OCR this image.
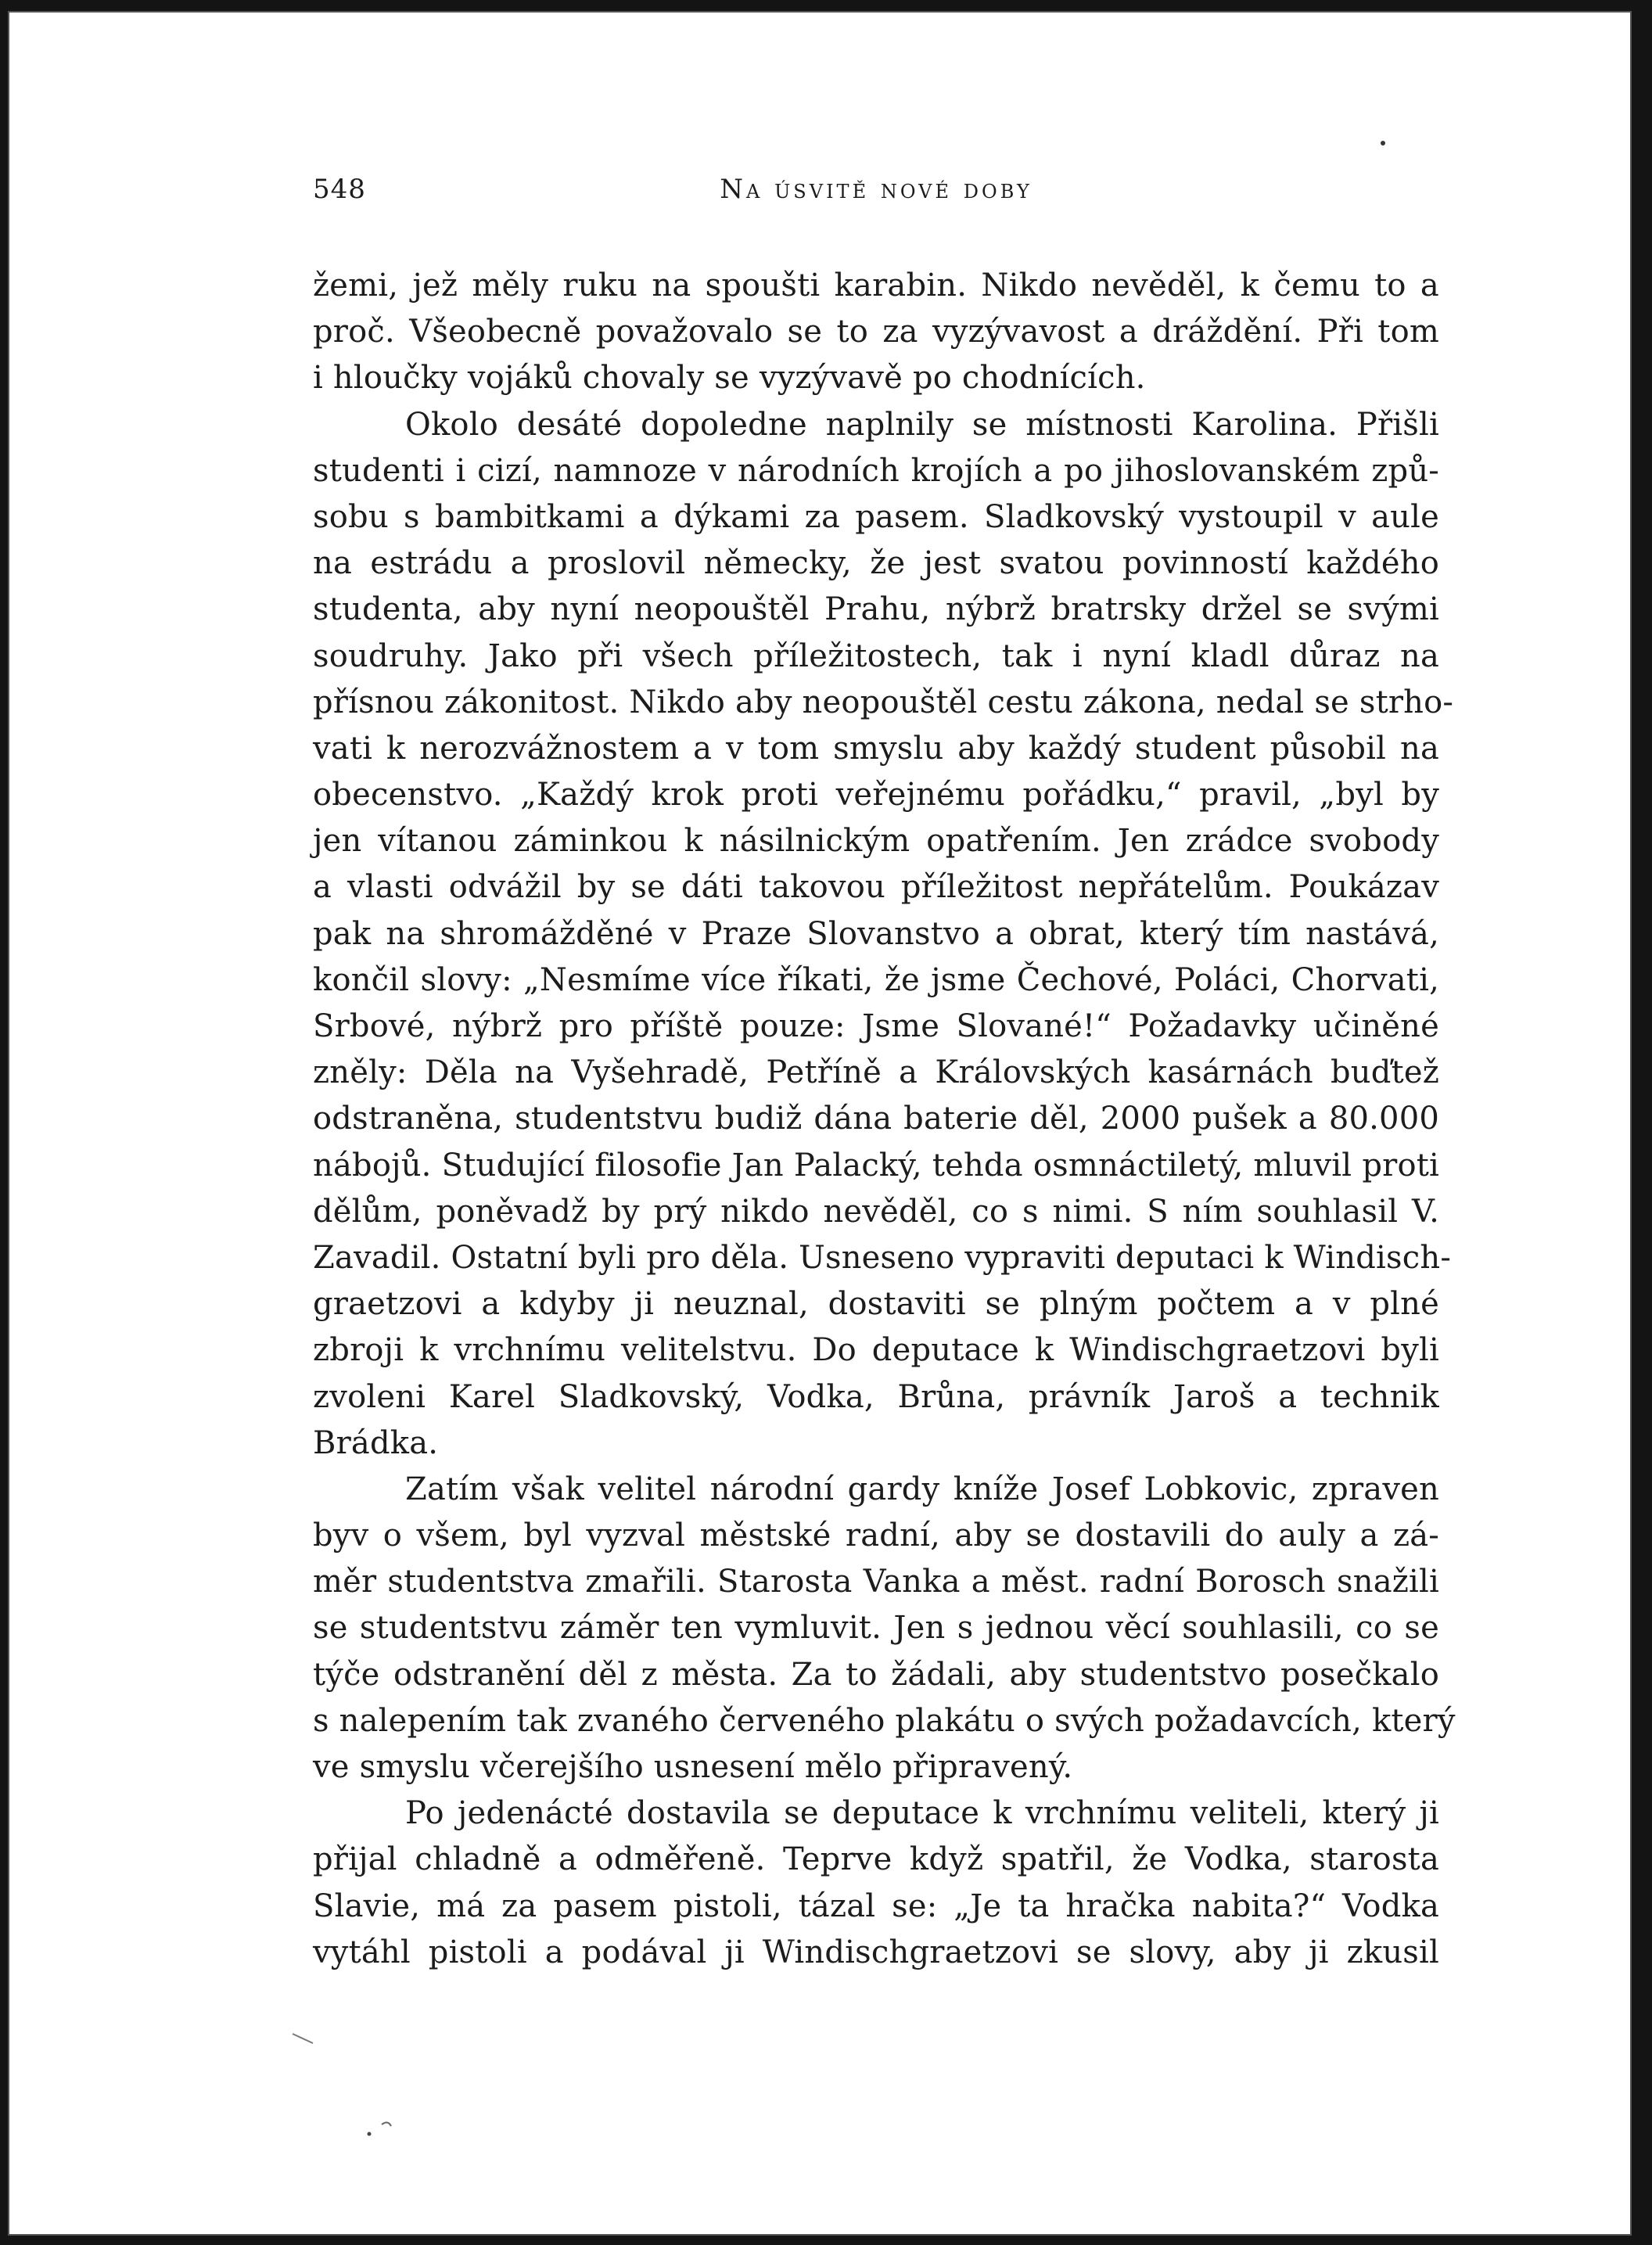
548	Na úsvitě nové doby
žemi, jež měly ruku na spoušti karabin. Nikdo nevěděl, k čemu to a
proč. Všeobecně považovalo se to za vyzývavost a dráždění. Při tom
i hloučky vojáků chovaly se vyzývavě po chodnících.
Okolo desáté dopoledne naplnily se místnosti Karolina. Přišli
studenti i cizí, namnoze v národních krojích a po jihoslovanském způ-
sobu s bambitkami a dýkami za pasem. Sladkovský vystoupil v aule
na estrádu a proslovil německy, že jest svatou povinností každého
studenta, aby nyní neopouštěl Prahu, nýbrž bratrsky držel se svými
soudruhy. Jako při všech příležitostech, tak i nyní kladl důraz na
přísnou zákonitost. Nikdo aby neopouštěl cestu zákona, nedal se strho-
vati k nerozvážnostem a v tom smyslu aby každý student působil na
obecenstvo. „Každý krok proti veřejnému pořádku,“ pravil, „byl by
jen vítanou záminkou k násilnickým opatřením. Jen zrádce svobody
a vlasti odvážil by se dáti takovou příležitost nepřátelům. Poukázav
pak na shromážděné v Praze Slovanstvo a obrat, který tím nastává,
končil slovy: „Nesmíme více říkati, že jsme Čechové, Poláci, Chorvati,
Srbové, nýbrž pro příště pouze: Jsme Slované!“ Požadavky učiněné
zněly: Děla na Vyšehradě, Petříně a Královských kasárnách buďtež
odstraněna, studentstvu budiž dána baterie děl, 2000 pušek a 80.000
nábojů. Studující filosofie Jan Palacký, tehda osmnáctiletý, mluvil proti
dělům, poněvadž by prý nikdo nevěděl, co s nimi. S ním souhlasil V.
Zavadil. Ostatní byli pro děla. Usneseno vypraviti deputaci k Windisch-
graetzovi a kdyby ji neuznal, dostaviti se plným počtem a v plné
zbroji k vrchnímu velitelstvu. Do deputace k Windischgraetzovi byli
zvoleni Karel Sladkovský, Vodka, Brůna, právník Jaroš a technik
Brádka.
Zatím však velitel národní gardy kníže Josef Lobkovic, zpraven
byv o všem, byl vyzval městské radní, aby se dostavili do auly a zá-
měr studentstva zmařili. Starosta Vanka a měst. radní Borosch snažili
se studentstvu záměr ten vymluvit. Jen s jednou věcí souhlasili, co se
týče odstranění děl z města. Za to žádali, aby studentstvo posečkalo
s nalepením tak zvaného červeného plakátu o svých požadavcích, který
ve smyslu včerejšího usnesení mělo připravený.
Po jedenácté dostavila se deputace k vrchnímu veliteli, který ji
přijal chladně a odměřeně. Teprve když spatřil, že Vodka, starosta
Slavie, má za pasem pistoli, tázal se: „Je ta hračka nabita?“ Vodka
vytáhl pistoli a podával ji Windischgraetzovi se slovy, aby ji zkusil
